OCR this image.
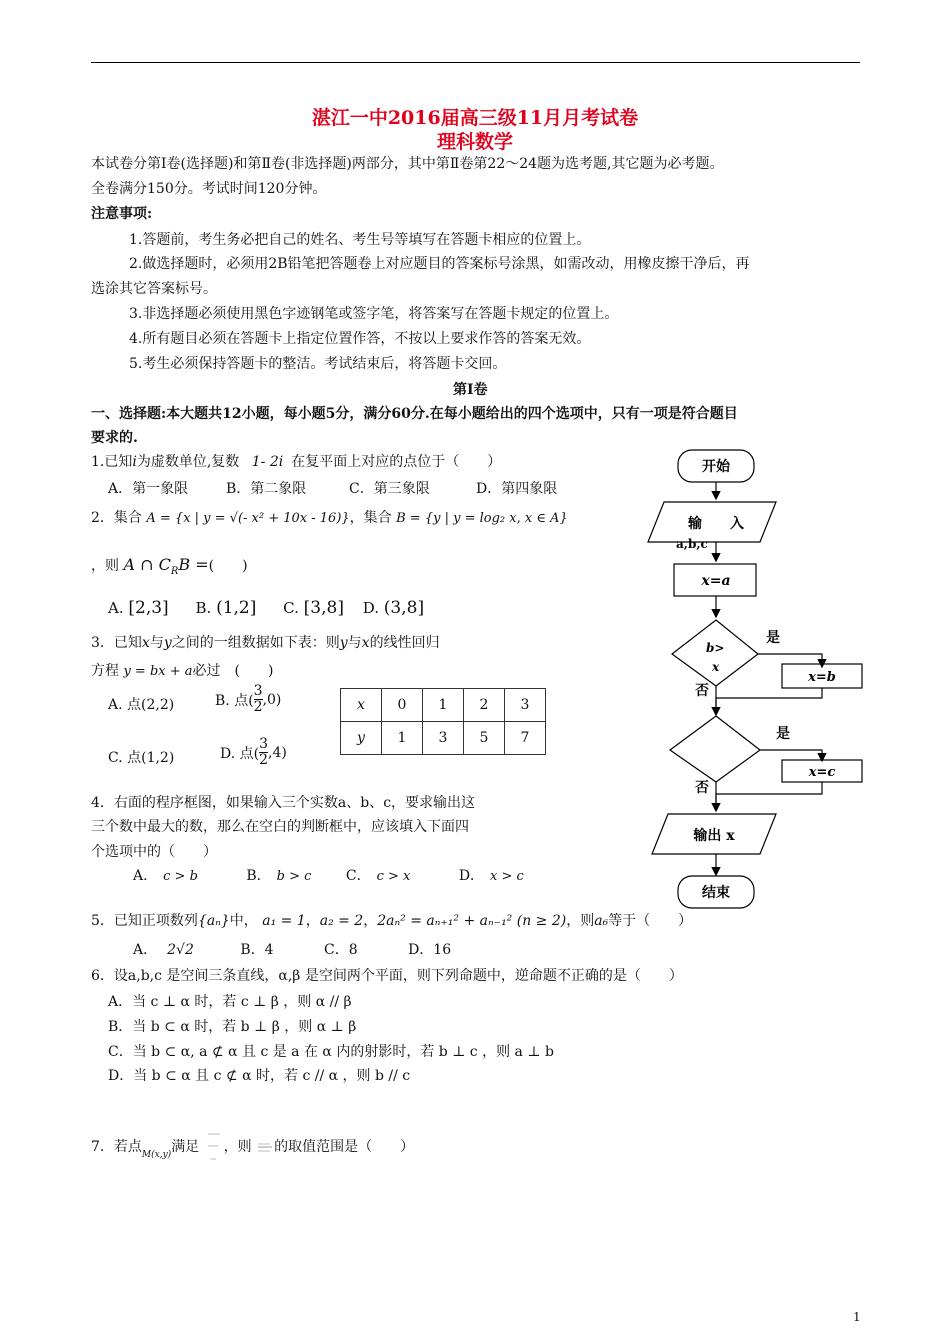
湛江一中2016届高三级11月月考试卷
理科数学
本试卷分第Ⅰ卷(选择题)和第Ⅱ卷(非选择题)两部分，其中第Ⅱ卷第22～24题为选考题,其它题为必考题。
全卷满分150分。考试时间120分钟。
注意事项:
1.答题前，考生务必把自己的姓名、考生号等填写在答题卡相应的位置上。
2.做选择题时，必须用2B铅笔把答题卷上对应题目的答案标号涂黑，如需改动，用橡皮擦干净后，再
选涂其它答案标号。
3.非选择题必须使用黑色字迹钢笔或签字笔，将答案写在答题卡规定的位置上。
4.所有题目必须在答题卡上指定位置作答，不按以上要求作答的答案无效。
5.考生必须保持答题卡的整洁。考试结束后，将答题卡交回。
第Ⅰ卷
一、选择题:本大题共12小题，每小题5分，满分60分.在每小题给出的四个选项中，只有一项是符合题目
要求的.
1.已知i为虚数单位,复数 1- 2i 在复平面上对应的点位于（　　）
A．第一象限	B．第二象限	C．第三象限	D．第四象限
2．集合 A = {x | y = √(- x² + 10x - 16)}，集合 B = {y | y = log₂ x, x ∈ A}
，则 A ∩ $C_RB$ =(　　)
A. [2,3] B. (1,2] C. [3,8] D. (3,8]
3．已知x与y之间的一组数据如下表：则y与x的线性回归
方程 y = bx + a必过　(　　)
A. 点(2,2)	B. 点( $\frac{3}{2} ,0$)
C. 点(1,2)	D. 点( $\frac{3}{2} ,4$)
x	0	1	2	3
y	1	3	5	7
4．右面的程序框图，如果输入三个实数a、b、c，要求输出这
三个数中最大的数，那么在空白的判断框中，应该填入下面四
个选项中的（　　）
A． c > b	B． b > c C． c > x	D． x > c
开始
输　　入
a,b,c
x=a
b>
x
是
否
x=b
是
否
x=c
输出 x
结束
5．已知正项数列{aₙ}中， a₁ = 1，a₂ = 2，2aₙ² = aₙ₊₁² + aₙ₋₁² (n ≥ 2)，则a₆等于（　　）
A． 2√2	B．4	C．8	D．16
6．设a,b,c 是空间三条直线，α,β 是空间两个平面，则下列命题中，逆命题不正确的是（　　）
A．当 c ⊥ α 时，若 c ⊥ β ，则 α // β
B．当 b ⊂ α 时，若 b ⊥ β ，则 α ⊥ β
C．当 b ⊂ α, a ⊄ α 且 c 是 a 在 α 内的射影时，若 b ⊥ c ，则 a ⊥ b
D．当 b ⊂ α 且 c ⊄ α 时，若 c // α ，则 b // c
7．若点$_{M(x,y)}$满足 ，则 的取值范围是（　　）
1
